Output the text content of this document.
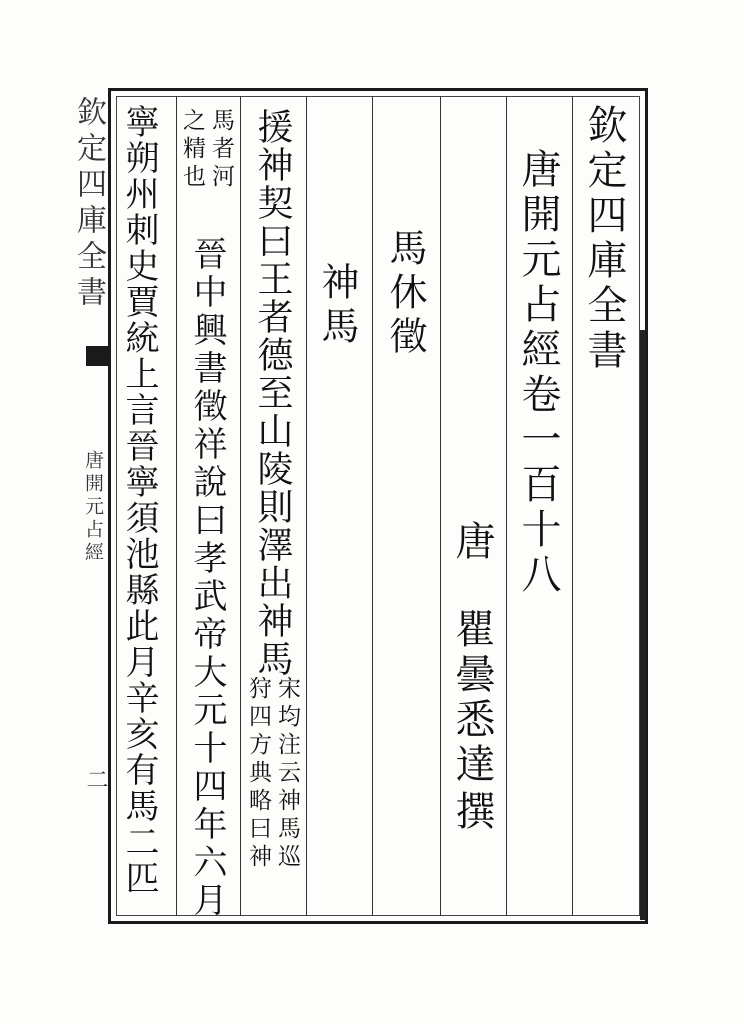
欽定四庫全書
唐開元占經
二
欽定四庫全書
唐開元占經卷一百十八
唐
瞿曇悉達
撰
馬休徵
神馬
援神契曰王者德至山陵則澤出神馬
宋均注云神馬巡
狩四方典略曰神
馬者河
之精也
晉中興書徵祥說曰孝武帝大元十四年六月
寧朔州刺史賈統上言晉寧須池縣此月辛亥有馬二匹
